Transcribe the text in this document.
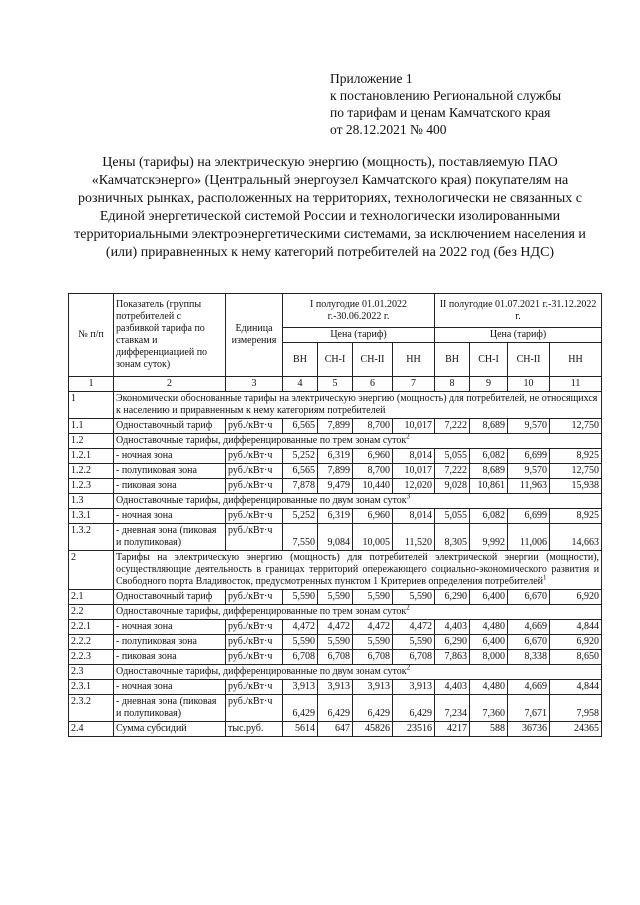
Приложение 1
к постановлению Региональной службы
по тарифам и ценам Камчатского края
от 28.12.2021 № 400
Цены (тарифы) на электрическую энергию (мощность), поставляемую ПАО «Камчатскэнерго» (Центральный энергоузел Камчатского края) покупателям на розничных рынках, расположенных на территориях, технологически не связанных с Единой энергетической системой России и технологически изолированными территориальными электроэнергетическими системами, за исключением населения и (или) приравненных к нему категорий потребителей на 2022 год (без НДС)
№ п/п	Показатель (группы потребителей с разбивкой тарифа по ставкам и дифференциацией по зонам суток)	Единица измерения	I полугодие 01.01.2022 г.-30.06.2022 г.				II полугодие 01.07.2021 г.-31.12.2022 г.			
			Цена (тариф)				Цена (тариф)			
			ВН	СН-I	СН-II	НН	ВН	СН-I	СН-II	НН
1	2	3	4	5	6	7	8	9	10	11
1	Экономически обоснованные тарифы на электрическую энергию (мощность) для потребителей, не относящихся к населению и приравненным к нему категориям потребителей									
1.1	Одноставочный тариф	руб./кВт·ч	6,565	7,899	8,700	10,017	7,222	8,689	9,570	12,750
1.2	Одноставочные тарифы, дифференцированные по трем зонам суток$^2$
1.2.1	- ночная зона	руб./кВт·ч	5,252	6,319	6,960	8,014	5,055	6,082	6,699	8,925
1.2.2	- полупиковая зона	руб./кВт·ч	6,565	7,899	8,700	10,017	7,222	8,689	9,570	12,750
1.2.3	- пиковая зона	руб./кВт·ч	7,878	9,479	10,440	12,020	9,028	10,861	11,963	15,938
1.3	Одноставочные тарифы, дифференцированные по двум зонам суток$^3$
1.3.1	- ночная зона	руб./кВт·ч	5,252	6,319	6,960	8,014	5,055	6,082	6,699	8,925
1.3.2	- дневная зона (пиковая и полупиковая)	руб./кВт·ч	7,550	9,084	10,005	11,520	8,305	9,992	11,006	14,663
2	Тарифы на электрическую энергию (мощность) для потребителей электрической энергии (мощности), осуществляющие деятельность в границах территорий опережающего социально-экономического развития и Свободного порта Владивосток, предусмотренных пунктом 1 Критериев определения потребителей$^1$
2.1	Одноставочный тариф	руб./кВт·ч	5,590	5,590	5,590	5,590	6,290	6,400	6,670	6,920
2.2	Одноставочные тарифы, дифференцированные по трем зонам суток$^2$
2.2.1	- ночная зона	руб./кВт·ч	4,472	4,472	4,472	4,472	4,403	4,480	4,669	4,844
2.2.2	- полупиковая зона	руб./кВт·ч	5,590	5,590	5,590	5,590	6,290	6,400	6,670	6,920
2.2.3	- пиковая зона	руб./кВт·ч	6,708	6,708	6,708	6,708	7,863	8,000	8,338	8,650
2.3	Одноставочные тарифы, дифференцированные по двум зонам суток$^2$
2.3.1	- ночная зона	руб./кВт·ч	3,913	3,913	3,913	3,913	4,403	4,480	4,669	4,844
2.3.2	- дневная зона (пиковая и полупиковая)	руб./кВт·ч	6,429	6,429	6,429	6,429	7,234	7,360	7,671	7,958
2.4	Сумма субсидий	тыс.руб.	5614	647	45826	23516	4217	588	36736	24365
